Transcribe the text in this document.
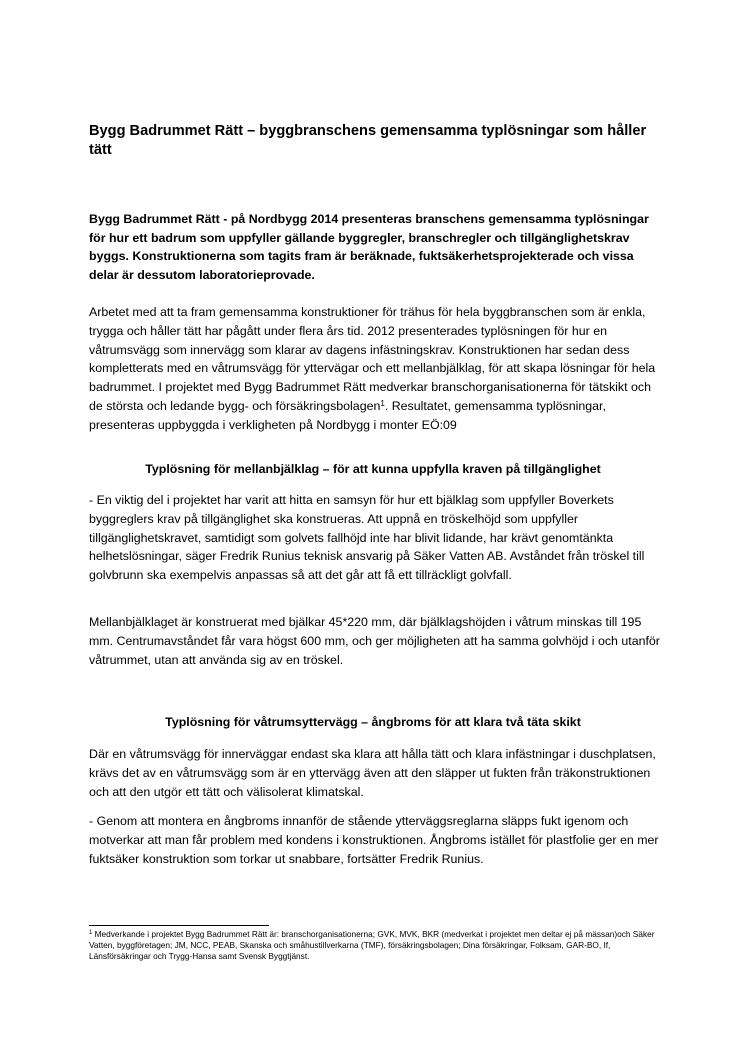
Bygg Badrummet Rätt – byggbranschens gemensamma typlösningar som håller tätt
Bygg Badrummet Rätt - på Nordbygg 2014 presenteras branschens gemensamma typlösningar för hur ett badrum som uppfyller gällande byggregler, branschregler och tillgänglighetskrav byggs. Konstruktionerna som tagits fram är beräknade, fuktsäkerhetsprojekterade och vissa delar är dessutom laboratorieprovade.
Arbetet med att ta fram gemensamma konstruktioner för trähus för hela byggbranschen som är enkla, trygga och håller tätt har pågått under flera års tid. 2012 presenterades typlösningen för hur en våtrumsvägg som innervägg som klarar av dagens infästningskrav. Konstruktionen har sedan dess kompletterats med en våtrumsvägg för yttervägar och ett mellanbjälklag, för att skapa lösningar för hela badrummet. I projektet med Bygg Badrummet Rätt medverkar branschorganisationerna för tätskikt och de största och ledande bygg- och försäkringsbolagen$^1$. Resultatet, gemensamma typlösningar, presenteras uppbyggda i verkligheten på Nordbygg i monter EÖ:09
Typlösning för mellanbjälklag – för att kunna uppfylla kraven på tillgänglighet
- En viktig del i projektet har varit att hitta en samsyn för hur ett bjälklag som uppfyller Boverkets byggreglers krav på tillgänglighet ska konstrueras. Att uppnå en tröskelhöjd som uppfyller tillgänglighetskravet, samtidigt som golvets fallhöjd inte har blivit lidande, har krävt genomtänkta helhetslösningar, säger Fredrik Runius teknisk ansvarig på Säker Vatten AB. Avståndet från tröskel till golvbrunn ska exempelvis anpassas så att det går att få ett tillräckligt golvfall.
Mellanbjälklaget är konstruerat med bjälkar 45*220 mm, där bjälklagshöjden i våtrum minskas till 195 mm. Centrumavståndet får vara högst 600 mm, och ger möjligheten att ha samma golvhöjd i och utanför våtrummet, utan att använda sig av en tröskel.
Typlösning för våtrumsyttervägg – ångbroms för att klara två täta skikt
Där en våtrumsvägg för innerväggar endast ska klara att hålla tätt och klara infästningar i duschplatsen, krävs det av en våtrumsvägg som är en yttervägg även att den släpper ut fukten från träkonstruktionen och att den utgör ett tätt och välisolerat klimatskal.
- Genom att montera en ångbroms innanför de stående ytterväggsreglarna släpps fukt igenom och motverkar att man får problem med kondens i konstruktionen. Ångbroms istället för plastfolie ger en mer fuktsäker konstruktion som torkar ut snabbare, fortsätter Fredrik Runius.
$^1$ Medverkande i projektet Bygg Badrummet Rätt är: branschorganisationerna; GVK, MVK, BKR (medverkat i projektet men deltar ej på mässan)och Säker Vatten, byggföretagen; JM, NCC, PEAB, Skanska och småhustillverkarna (TMF), försäkringsbolagen; Dina försäkringar, Folksam, GAR-BO, If, Länsförsäkringar och Trygg-Hansa samt Svensk Byggtjänst.
